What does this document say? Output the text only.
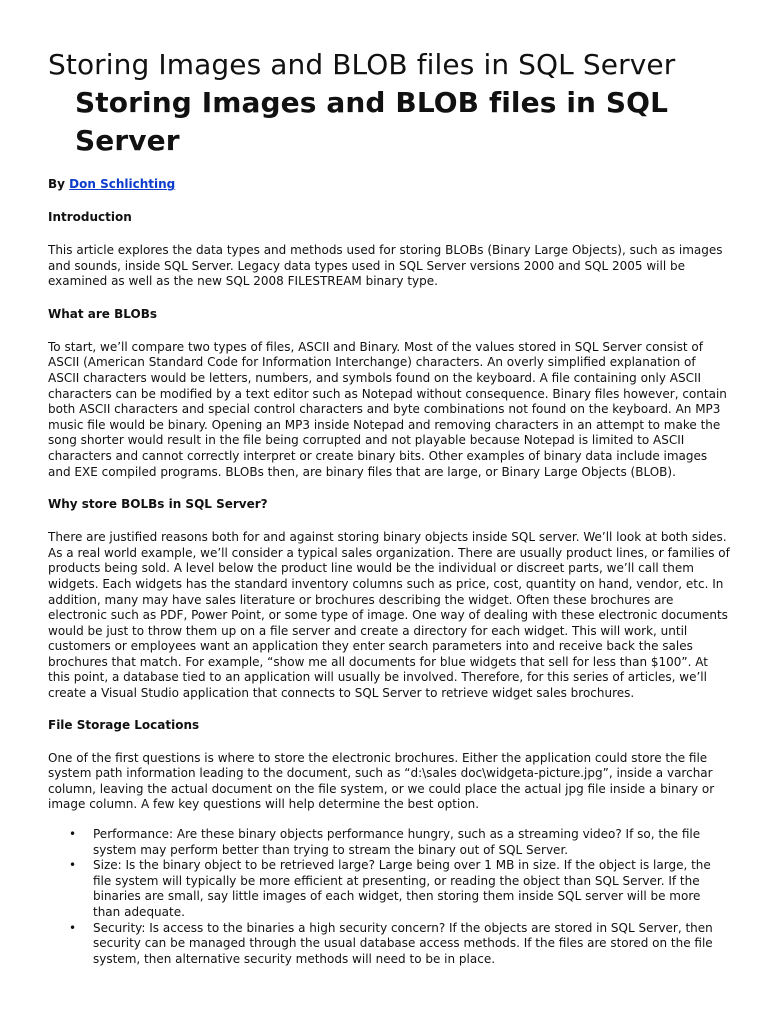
Storing Images and BLOB files in SQL Server Storing Images and BLOB files in SQL Server
By Don Schlichting
Introduction

This article explores the data types and methods used for storing BLOBs (Binary Large Objects), such as images and sounds, inside SQL Server. Legacy data types used in SQL Server versions 2000 and SQL 2005 will be examined as well as the new SQL 2008 FILESTREAM binary type.

What are BLOBs

To start, we’ll compare two types of files, ASCII and Binary. Most of the values stored in SQL Server consist of ASCII (American Standard Code for Information Interchange) characters. An overly simplified explanation of ASCII characters would be letters, numbers, and symbols found on the keyboard. A file containing only ASCII characters can be modified by a text editor such as Notepad without consequence. Binary files however, contain both ASCII characters and special control characters and byte combinations not found on the keyboard. An MP3 music file would be binary. Opening an MP3 inside Notepad and removing characters in an attempt to make the song shorter would result in the file being corrupted and not playable because Notepad is limited to ASCII characters and cannot correctly interpret or create binary bits. Other examples of binary data include images and EXE compiled programs. BLOBs then, are binary files that are large, or Binary Large Objects (BLOB).

Why store BOLBs in SQL Server?

There are justified reasons both for and against storing binary objects inside SQL server. We’ll look at both sides. As a real world example, we’ll consider a typical sales organization. There are usually product lines, or families of products being sold. A level below the product line would be the individual or discreet parts, we’ll call them widgets. Each widgets has the standard inventory columns such as price, cost, quantity on hand, vendor, etc. In addition, many may have sales literature or brochures describing the widget. Often these brochures are electronic such as PDF, Power Point, or some type of image. One way of dealing with these electronic documents would be just to throw them up on a file server and create a directory for each widget. This will work, until customers or employees want an application they enter search parameters into and receive back the sales brochures that match. For example, “show me all documents for blue widgets that sell for less than $100”. At this point, a database tied to an application will usually be involved. Therefore, for this series of articles, we’ll create a Visual Studio application that connects to SQL Server to retrieve widget sales brochures.

File Storage Locations

One of the first questions is where to store the electronic brochures. Either the application could store the file system path information leading to the document, such as “d:\sales doc\widgeta-picture.jpg”, inside a varchar column, leaving the actual document on the file system, or we could place the actual jpg file inside a binary or image column. A few key questions will help determine the best option.

• Performance: Are these binary objects performance hungry, such as a streaming video? If so, the file system may perform better than trying to stream the binary out of SQL Server.
• Size: Is the binary object to be retrieved large? Large being over 1 MB in size. If the object is large, the file system will typically be more efficient at presenting, or reading the object than SQL Server. If the binaries are small, say little images of each widget, then storing them inside SQL server will be more than adequate.
• Security: Is access to the binaries a high security concern? If the objects are stored in SQL Server, then security can be managed through the usual database access methods. If the files are stored on the file system, then alternative security methods will need to be in place.
